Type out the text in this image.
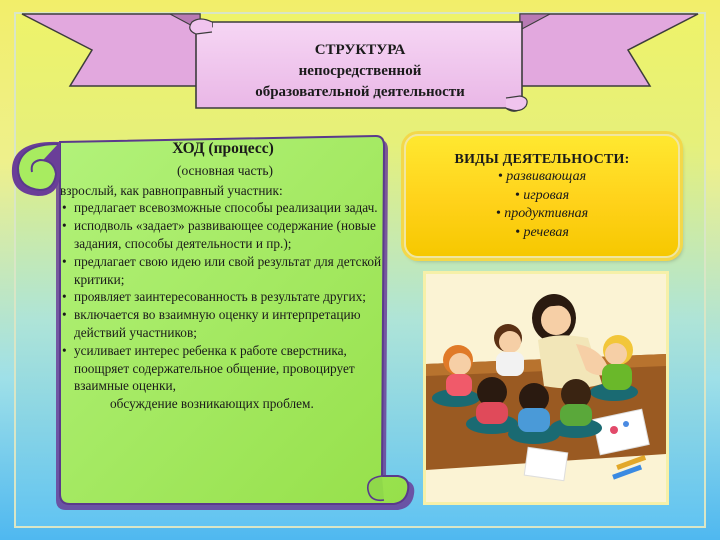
СТРУКТУРА
непосредственной
образовательной деятельности
ХОД (процесс)
(основная часть)
взрослый, как равноправный участник:
• предлагает всевозможные способы реализации задач.
• исподволь «задает» развивающее содержание (новые задания, способы деятельности и пр.);
• предлагает свою идею или свой результат для детской критики;
• проявляет заинтересованность в результате других;
• включается во взаимную оценку и интерпретацию действий участников;
• усиливает интерес ребенка к работе сверстника, поощряет содержательное общение, провоцирует взаимные оценки,
обсуждение возникающих проблем.
ВИДЫ ДЕЯТЕЛЬНОСТИ:
• развивающая
• игровая
• продуктивная
• речевая
